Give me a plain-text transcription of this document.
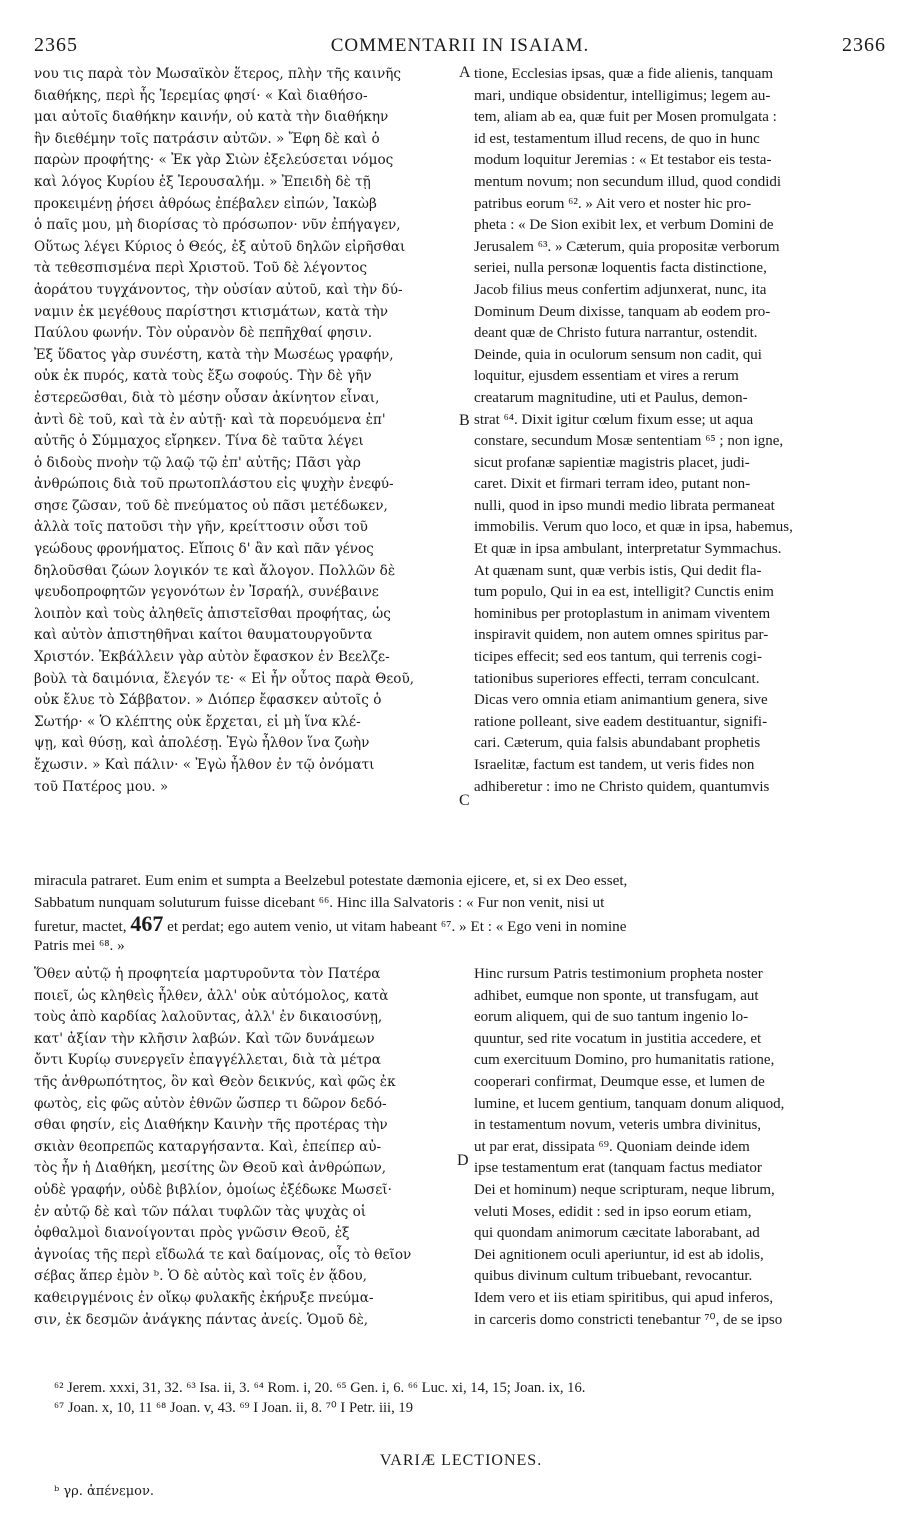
2365	COMMENTARII IN ISAIAM.	2366
νου τις παρὰ τὸν Μωσαϊκὸν ἕτερος, πλὴν τῆς καινῆς
διαθήκης, περὶ ἧς Ἱερεμίας φησί· « Καὶ διαθήσο-
μαι αὐτοῖς διαθήκην καινήν, οὐ κατὰ τὴν διαθήκην
ἣν διεθέμην τοῖς πατράσιν αὐτῶν. » Ἔφη δὲ καὶ ὁ
παρὼν προφήτης· « Ἐκ γὰρ Σιὼν ἐξελεύσεται νόμος
καὶ λόγος Κυρίου ἐξ Ἱερουσαλήμ. » Ἐπειδὴ δὲ τῇ
προκειμένῃ ῥήσει ἀθρόως ἐπέβαλεν εἰπών, Ἰακὼβ
ὁ παῖς μου, μὴ διορίσας τὸ πρόσωπον· νῦν ἐπήγαγεν,
Οὕτως λέγει Κύριος ὁ Θεός, ἐξ αὐτοῦ δηλῶν εἰρῆσθαι
τὰ τεθεσπισμένα περὶ Χριστοῦ. Τοῦ δὲ λέγοντος
ἀοράτου τυγχάνοντος, τὴν οὐσίαν αὐτοῦ, καὶ τὴν δύ-
ναμιν ἐκ μεγέθους παρίστησι κτισμάτων, κατὰ τὴν
Παύλου φωνήν. Τὸν οὐρανὸν δὲ πεπῆχθαί φησιν.
Ἐξ ὕδατος γὰρ συνέστη, κατὰ τὴν Μωσέως γραφήν,
οὐκ ἐκ πυρός, κατὰ τοὺς ἔξω σοφούς. Τὴν δὲ γῆν
ἐστερεῶσθαι, διὰ τὸ μέσην οὖσαν ἀκίνητον εἶναι,
ἀντὶ δὲ τοῦ, καὶ τὰ ἐν αὐτῇ· καὶ τὰ πορευόμενα ἐπ'
αὐτῆς ὁ Σύμμαχος εἴρηκεν. Τίνα δὲ ταῦτα λέγει
ὁ διδοὺς πνοὴν τῷ λαῷ τῷ ἐπ' αὐτῆς; Πᾶσι γὰρ
ἀνθρώποις διὰ τοῦ πρωτοπλάστου εἰς ψυχὴν ἐνεφύ-
σησε ζῶσαν, τοῦ δὲ πνεύματος οὐ πᾶσι μετέδωκεν,
ἀλλὰ τοῖς πατοῦσι τὴν γῆν, κρείττοσιν οὖσι τοῦ
γεώδους φρονήματος. Εἴποις δ' ἂν καὶ πᾶν γένος
δηλοῦσθαι ζώων λογικόν τε καὶ ἄλογον. Πολλῶν δὲ
ψευδοπροφητῶν γεγονότων ἐν Ἰσραήλ, συνέβαινε
λοιπὸν καὶ τοὺς ἀληθεῖς ἀπιστεῖσθαι προφήτας, ὡς
καὶ αὐτὸν ἀπιστηθῆναι καίτοι θαυματουργοῦντα
Χριστόν. Ἐκβάλλειν γὰρ αὐτὸν ἔφασκον ἐν Βεελζε-
βοὺλ τὰ δαιμόνια, ἔλεγόν τε· « Εἰ ἦν οὗτος παρὰ Θεοῦ,
οὐκ ἔλυε τὸ Σάββατον. » Διόπερ ἔφασκεν αὐτοῖς ὁ
Σωτήρ· « Ὁ κλέπτης οὐκ ἔρχεται, εἰ μὴ ἵνα κλέ-
ψῃ, καὶ θύσῃ, καὶ ἀπολέσῃ. Ἐγὼ ἦλθον ἵνα ζωὴν
ἔχωσιν. » Καὶ πάλιν· « Ἐγὼ ἦλθον ἐν τῷ ὀνόματι
τοῦ Πατέρος μου. »
tione, Ecclesias ipsas, quæ a fide alienis, tanquam
mari, undique obsidentur, intelligimus; legem au-
tem, aliam ab ea, quæ fuit per Mosen promulgata :
id est, testamentum illud recens, de quo in hunc
modum loquitur Jeremias : « Et testabor eis testa-
mentum novum; non secundum illud, quod condidi
patribus eorum ⁶². » Ait vero et noster hic pro-
pheta : « De Sion exibit lex, et verbum Domini de
Jerusalem ⁶³. » Cæterum, quia propositæ verborum
seriei, nulla personæ loquentis facta distinctione,
Jacob filius meus confertim adjunxerat, nunc, ita
Dominum Deum dixisse, tanquam ab eodem pro-
deant quæ de Christo futura narrantur, ostendit.
Deinde, quia in oculorum sensum non cadit, qui
loquitur, ejusdem essentiam et vires a rerum
creatarum magnitudine, uti et Paulus, demon-
strat ⁶⁴. Dixit igitur cœlum fixum esse; ut aqua
constare, secundum Mosæ sententiam ⁶⁵ ; non igne,
sicut profanæ sapientiæ magistris placet, judi-
caret. Dixit et firmari terram ideo, putant non-
nulli, quod in ipso mundi medio librata permaneat
immobilis. Verum quo loco, et quæ in ipsa, habemus,
Et quæ in ipsa ambulant, interpretatur Symmachus.
At quænam sunt, quæ verbis istis, Qui dedit fla-
tum populo, Qui in ea est, intelligit? Cunctis enim
hominibus per protoplastum in animam viventem
inspiravit quidem, non autem omnes spiritus par-
ticipes effecit; sed eos tantum, qui terrenis cogi-
tationibus superiores effecti, terram conculcant.
Dicas vero omnia etiam animantium genera, sive
ratione polleant, sive eadem destituantur, signifi-
cari. Cæterum, quia falsis abundabant prophetis
Israelitæ, factum est tandem, ut veris fides non
adhiberetur : imo ne Christo quidem, quantumvis
A
B
C
D
miracula patraret. Eum enim et sumpta a Beelzebul potestate dæmonia ejicere, et, si ex Deo esset,
Sabbatum nunquam soluturum fuisse dicebant ⁶⁶. Hinc illa Salvatoris : « Fur non venit, nisi ut
furetur, mactet, 467 et perdat; ego autem venio, ut vitam habeant ⁶⁷. » Et : « Ego veni in nomine
Patris mei ⁶⁸. »
Ὅθεν αὐτῷ ἡ προφητεία μαρτυροῦντα τὸν Πατέρα
ποιεῖ, ὡς κληθεὶς ἦλθεν, ἀλλ' οὐκ αὐτόμολος, κατὰ
τοὺς ἀπὸ καρδίας λαλοῦντας, ἀλλ' ἐν δικαιοσύνῃ,
κατ' ἀξίαν τὴν κλῆσιν λαβών. Καὶ τῶν δυνάμεων
ὄντι Κυρίῳ συνεργεῖν ἐπαγγέλλεται, διὰ τὰ μέτρα
τῆς ἀνθρωπότητος, ὃν καὶ Θεὸν δεικνύς, καὶ φῶς ἐκ
φωτὸς, εἰς φῶς αὐτὸν ἐθνῶν ὥσπερ τι δῶρον δεδό-
σθαι φησίν, εἰς Διαθήκην Καινὴν τῆς προτέρας τὴν
σκιὰν θεοπρεπῶς καταργήσαντα. Καὶ, ἐπείπερ αὐ-
τὸς ἦν ἡ Διαθήκη, μεσίτης ὢν Θεοῦ καὶ ἀνθρώπων,
οὐδὲ γραφήν, οὐδὲ βιβλίον, ὁμοίως ἐξέδωκε Μωσεῖ·
ἐν αὐτῷ δὲ καὶ τῶν πάλαι τυφλῶν τὰς ψυχὰς οἱ
ὀφθαλμοὶ διανοίγονται πρὸς γνῶσιν Θεοῦ, ἐξ
ἀγνοίας τῆς περὶ εἴδωλά τε καὶ δαίμονας, οἷς τὸ θεῖον
σέβας ἅπερ ἐμὸν ᵇ. Ὁ δὲ αὐτὸς καὶ τοῖς ἐν ᾅδου,
καθειργμένοις ἐν οἴκῳ φυλακῆς ἐκήρυξε πνεύμα-
σιν, ἐκ δεσμῶν ἀνάγκης πάντας ἀνείς. Ὁμοῦ δὲ,
Hinc rursum Patris testimonium propheta noster
adhibet, eumque non sponte, ut transfugam, aut
eorum aliquem, qui de suo tantum ingenio lo-
quuntur, sed rite vocatum in justitia accedere, et
cum exercituum Domino, pro humanitatis ratione,
cooperari confirmat, Deumque esse, et lumen de
lumine, et lucem gentium, tanquam donum aliquod,
in testamentum novum, veteris umbra divinitus,
ut par erat, dissipata ⁶⁹. Quoniam deinde idem
ipse testamentum erat (tanquam factus mediator
Dei et hominum) neque scripturam, neque librum,
veluti Moses, edidit : sed in ipso eorum etiam,
qui quondam animorum cæcitate laborabant, ad
Dei agnitionem oculi aperiuntur, id est ab idolis,
quibus divinum cultum tribuebant, revocantur.
Idem vero et iis etiam spiritibus, qui apud inferos,
in carceris domo constricti tenebantur ⁷⁰, de se ipso
⁶² Jerem. xxxi, 31, 32. ⁶³ Isa. ii, 3. ⁶⁴ Rom. i, 20. ⁶⁵ Gen. i, 6. ⁶⁶ Luc. xi, 14, 15; Joan. ix, 16.
⁶⁷ Joan. x, 10, 11 ⁶⁸ Joan. v, 43. ⁶⁹ I Joan. ii, 8. ⁷⁰ I Petr. iii, 19
VARIÆ LECTIONES.
ᵇ γρ. ἀπένεμον.
